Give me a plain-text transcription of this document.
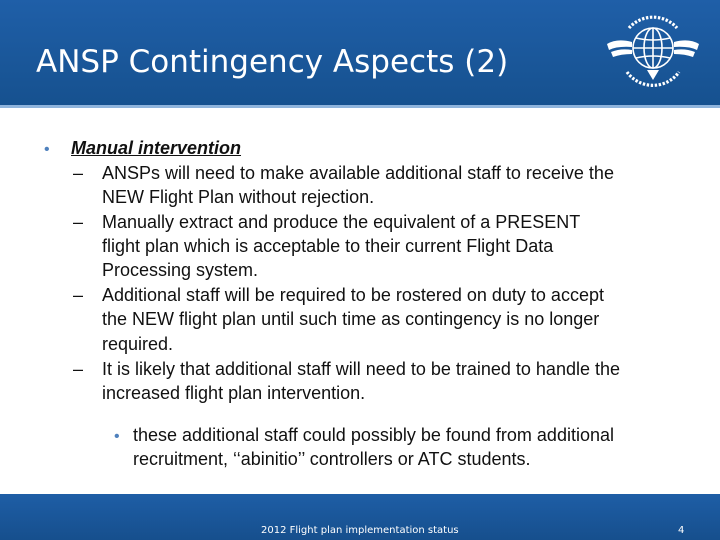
ANSP Contingency Aspects (2)
• Manual intervention
– ANSPs will need to make available additional staff to receive the
NEW Flight Plan without rejection.
– Manually extract and produce the equivalent of a PRESENT
flight plan which is acceptable to their current Flight Data
Processing system.
– Additional staff will be required to be rostered on duty to accept
the NEW flight plan until such time as contingency is no longer
required.
– It is likely that additional staff will need to be trained to handle the
increased flight plan intervention.
• these additional staff could possibly be found from additional
recruitment, ‘‘abinitio’’ controllers or ATC students.
2012 Flight plan implementation status	4
